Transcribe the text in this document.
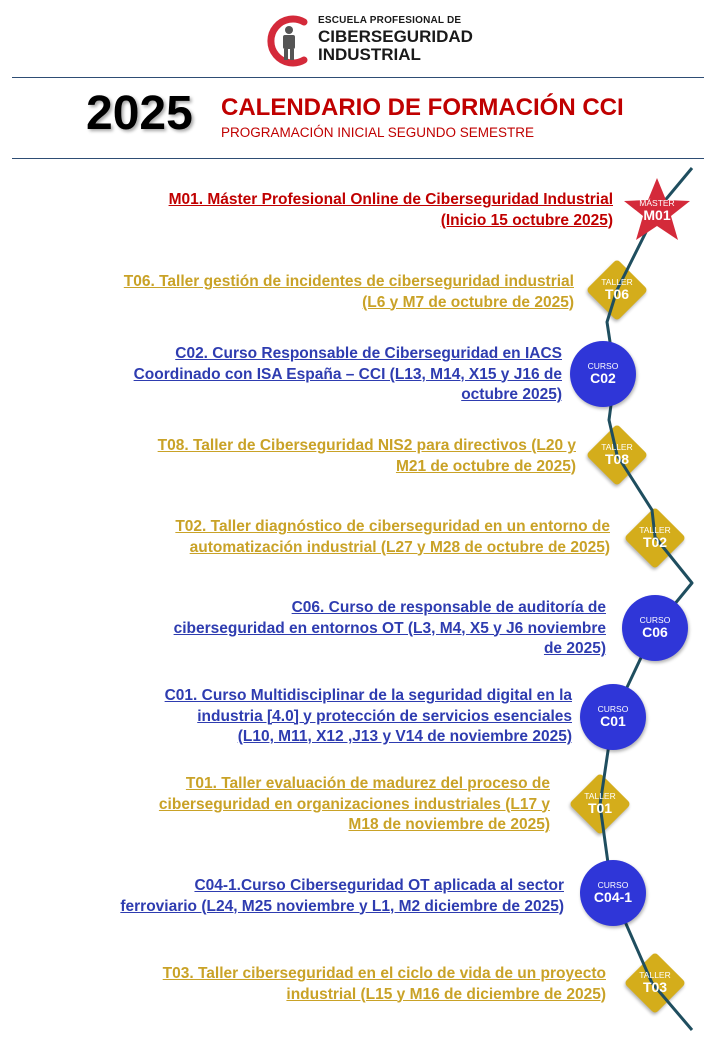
ESCUELA PROFESIONAL DE
CIBERSEGURIDAD
INDUSTRIAL
2025 CALENDARIO DE FORMACIÓN CCI
PROGRAMACIÓN INICIAL SEGUNDO SEMESTRE
M01. Máster Profesional Online de Ciberseguridad Industrial
(Inicio 15 octubre 2025)
MÁSTER
M01
T06. Taller gestión de incidentes de ciberseguridad industrial
(L6 y M7 de octubre de 2025)
TALLER
T06
C02. Curso Responsable de Ciberseguridad en IACS
Coordinado con ISA España – CCI (L13, M14, X15 y J16 de
octubre 2025)
CURSO
C02
T08. Taller de Ciberseguridad NIS2 para directivos (L20 y
M21 de octubre de 2025)
TALLER
T08
T02. Taller diagnóstico de ciberseguridad en un entorno de
automatización industrial (L27 y M28 de octubre de 2025)
TALLER
T02
C06. Curso de responsable de auditoría de
ciberseguridad en entornos OT (L3, M4, X5 y J6 noviembre
de 2025)
CURSO
C06
C01. Curso Multidisciplinar de la seguridad digital en la
industria [4.0] y protección de servicios esenciales
(L10, M11, X12 ,J13 y V14 de noviembre 2025)
CURSO
C01
T01. Taller evaluación de madurez del proceso de
ciberseguridad en organizaciones industriales (L17 y
M18 de noviembre de 2025)
TALLER
T01
C04-1.Curso Ciberseguridad OT aplicada al sector
ferroviario (L24, M25 noviembre y L1, M2 diciembre de 2025)
CURSO
C04-1
T03. Taller ciberseguridad en el ciclo de vida de un proyecto
industrial (L15 y M16 de diciembre de 2025)
TALLER
T03
